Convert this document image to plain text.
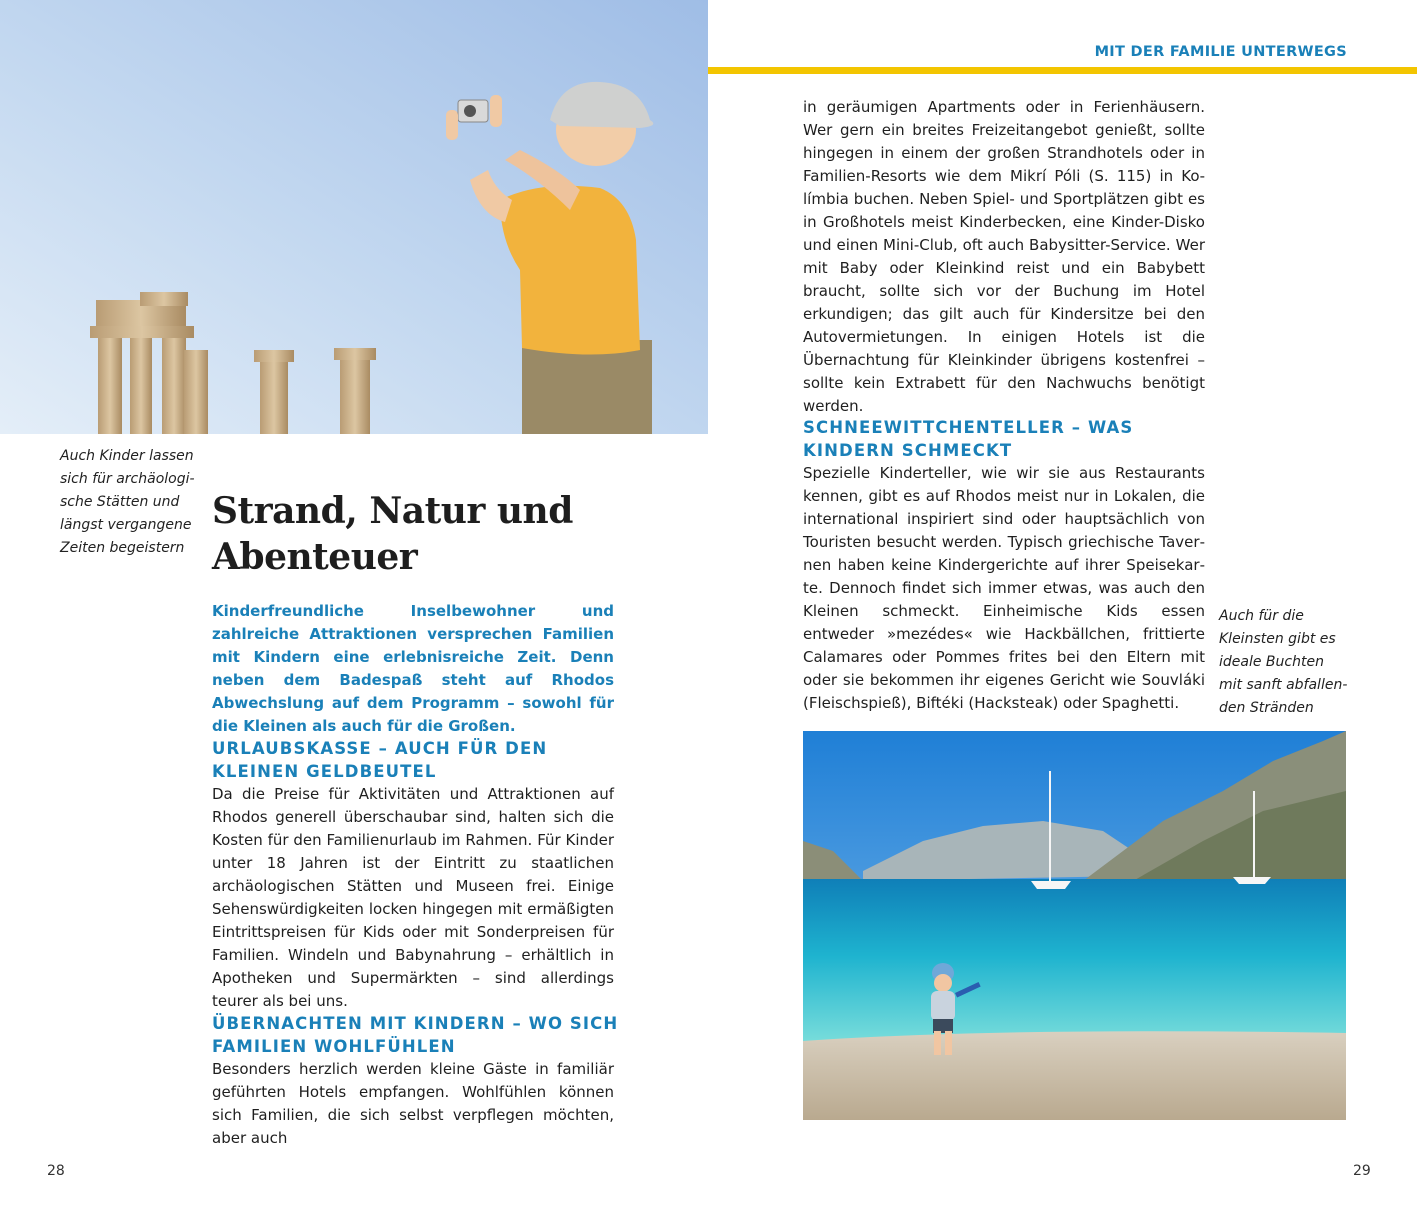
MIT DER FAMILIE UNTERWEGS
Auch Kinder lassen sich für archäologische Stätten und längst vergangene Zeiten begeistern
Strand, Natur und Abenteuer

Kinderfreundliche Inselbewohner und zahlreiche Attraktionen versprechen Familien mit Kindern eine erlebnisreiche Zeit. Denn neben dem Badespaß steht auf Rhodos Abwechslung auf dem Programm – sowohl für die Kleinen als auch für die Großen.

URLAUBSKASSE – AUCH FÜR DEN KLEINEN GELDBEUTEL

Da die Preise für Aktivitäten und Attraktionen auf Rhodos generell überschaubar sind, halten sich die Kosten für den Familienurlaub im Rahmen. Für Kinder unter 18 Jahren ist der Eintritt zu staatlichen archäologischen Stätten und Museen frei. Einige Sehenswürdigkeiten locken hingegen mit ermäßigten Eintrittspreisen für Kids oder mit Sonderpreisen für Familien. Windeln und Babynahrung – erhältlich in Apotheken und Supermärkten – sind allerdings teurer als bei uns.

ÜBERNACHTEN MIT KINDERN – WO SICH FAMILIEN WOHLFÜHLEN

Besonders herzlich werden kleine Gäste in familiär geführten Hotels empfangen. Wohlfühlen können sich Familien, die sich selbst verpflegen möchten, aber auch

in geräumigen Apartments oder in Ferienhäusern. Wer gern ein breites Freizeitangebot genießt, sollte hingegen in einem der großen Strandhotels oder in Familien-Resorts wie dem Mikrí Póli (S. 115) in Kolímbia buchen. Neben Spiel- und Sportplätzen gibt es in Großhotels meist Kinderbecken, eine Kinder-Disko und einen Mini-Club, oft auch Babysitter-Service. Wer mit Baby oder Kleinkind reist und ein Babybett braucht, sollte sich vor der Buchung im Hotel erkundigen; das gilt auch für Kindersitze bei den Autovermietungen. In einigen Hotels ist die Übernachtung für Kleinkinder übrigens kostenfrei – sollte kein Extrabett für den Nachwuchs benötigt werden.

SCHNEEWITTCHENTELLER – WAS KINDERN SCHMECKT

Spezielle Kinderteller, wie wir sie aus Restaurants kennen, gibt es auf Rhodos meist nur in Lokalen, die international inspiriert sind oder hauptsächlich von Touristen besucht werden. Typisch griechische Tavernen haben keine Kindergerichte auf ihrer Speisekarte. Dennoch findet sich immer etwas, was auch den Kleinen schmeckt. Einheimische Kids essen entweder »mezédes« wie Hackbällchen, frittierte Calamares oder Pommes frites bei den Eltern mit oder sie bekommen ihr eigenes Gericht wie Souvláki (Fleischspieß), Biftéki (Hacksteak) oder Spaghetti.

Auch für die Kleinsten gibt es ideale Buchten mit sanft abfallenden Stränden
28	29
